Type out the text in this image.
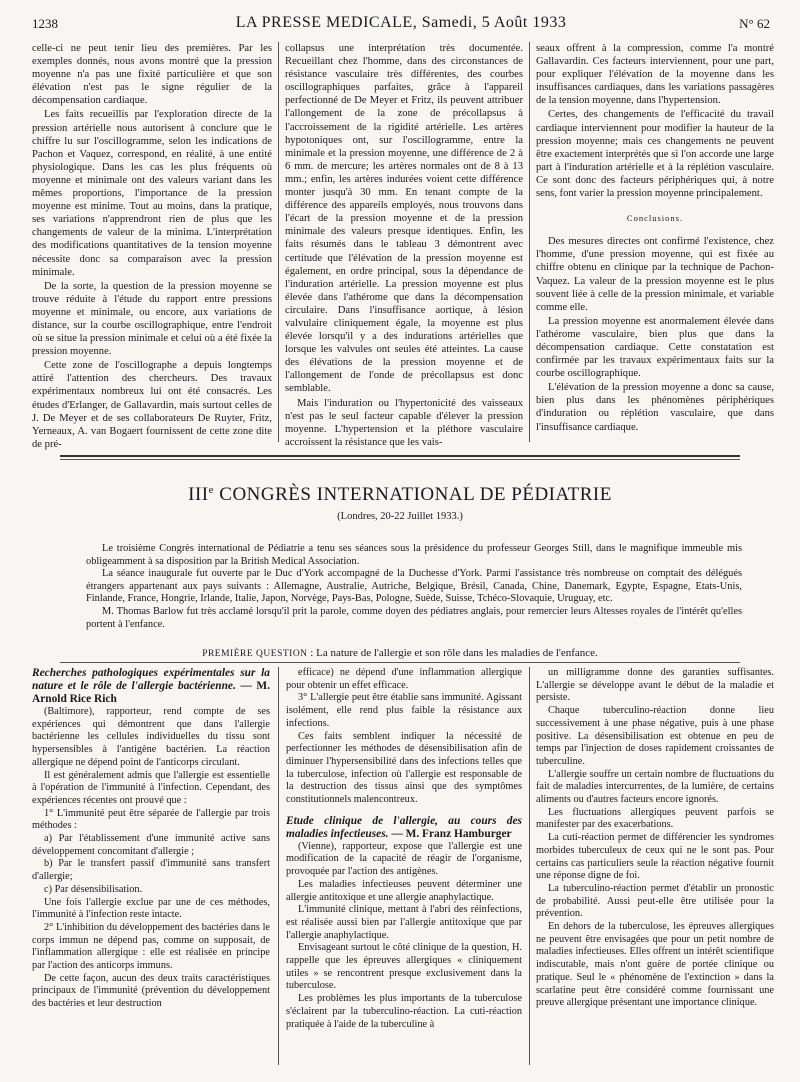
1238	LA PRESSE MEDICALE, Samedi, 5 Août 1933	N° 62

celle-ci ne peut tenir lieu des premières. Par les exemples donnés, nous avons montré que la pression moyenne n'a pas une fixité particulière et que son élévation n'est pas le signe régulier de la décompensation cardiaque.

Les faits recueillis par l'exploration directe de la pression artérielle nous autorisent à conclure que le chiffre lu sur l'oscillogramme, selon les indications de Pachon et Vaquez, correspond, en réalité, à une entité physiologique. Dans les cas les plus fréquents où moyenne et minimale ont des valeurs variant dans les mêmes proportions, l'importance de la pression moyenne est minime. Tout au moins, dans la pratique, ses variations n'apprendront rien de plus que les changements de valeur de la minima. L'interprétation des modifications quantitatives de la tension moyenne nécessite donc sa comparaison avec la pression minimale.

De la sorte, la question de la pression moyenne se trouve réduite à l'étude du rapport entre pressions moyenne et minimale, ou encore, aux variations de distance, sur la courbe oscillographique, entre l'endroit où se situe la pression minimale et celui où a été fixée la pression moyenne.

Cette zone de l'oscillographe a depuis longtemps attiré l'attention des chercheurs. Des travaux expérimentaux nombreux lui ont été consacrés. Les études d'Erlanger, de Gallavardin, mais surtout celles de J. De Meyer et de ses collaborateurs De Ruyter, Fritz, Yerneaux, A. van Bogaert fournissent de cette zone dite de pré-

collapsus une interprétation très documentée. Recueillant chez l'homme, dans des circonstances de résistance vasculaire très différentes, des courbes oscillographiques parfaites, grâce à l'appareil perfectionné de De Meyer et Fritz, ils peuvent attribuer l'allongement de la zone de précollapsus à l'accroissement de la rigidité artérielle. Les artères hypotoniques ont, sur l'oscillogramme, entre la minimale et la pression moyenne, une différence de 2 à 6 mm. de mercure; les artères normales ont de 8 à 13 mm.; enfin, les artères indurées voient cette différence monter jusqu'à 30 mm. En tenant compte de la différence des appareils employés, nous trouvons dans l'écart de la pression moyenne et de la pression minimale des valeurs presque identiques. Enfin, les faits résumés dans le tableau 3 démontrent avec certitude que l'élévation de la pression moyenne est également, en ordre principal, sous la dépendance de l'induration artérielle. La pression moyenne est plus élevée dans l'athérome que dans la décompensation circulaire. Dans l'insuffisance aortique, à lésion valvulaire cliniquement égale, la moyenne est plus élevée lorsqu'il y a des indurations artérielles que lorsque les valvules ont seules été atteintes. La cause des élévations de la pression moyenne et de l'allongement de l'onde de précollapsus est donc semblable.

Mais l'induration ou l'hypertonicité des vaisseaux n'est pas le seul facteur capable d'élever la pression moyenne. L'hypertension et la pléthore vasculaire accroissent la résistance que les vais-

seaux offrent à la compression, comme l'a montré Gallavardin. Ces facteurs interviennent, pour une part, pour expliquer l'élévation de la moyenne dans les insuffisances cardiaques, dans les variations passagères de la tension moyenne, dans l'hypertension.

Certes, des changements de l'efficacité du travail cardiaque interviennent pour modifier la hauteur de la pression moyenne; mais ces changements ne peuvent être exactement interprétés que si l'on accorde une large part à l'induration artérielle et à la réplétion vasculaire. Ce sont donc des facteurs périphériques qui, à notre sens, font varier la pression moyenne principalement.

Conclusions.

Des mesures directes ont confirmé l'existence, chez l'homme, d'une pression moyenne, qui est fixée au chiffre obtenu en clinique par la technique de Pachon-Vaquez. La valeur de la pression moyenne est le plus souvent liée à celle de la pression minimale, et variable comme elle.

La pression moyenne est anormalement élevée dans l'athérome vasculaire, bien plus que dans la décompensation cardiaque. Cette constatation est confirmée par les travaux expérimentaux faits sur la courbe oscillographique.

L'élévation de la pression moyenne a donc sa cause, bien plus dans les phénomènes périphériques d'induration ou réplétion vasculaire, que dans l'insuffisance cardiaque.

IIIe CONGRÈS INTERNATIONAL DE PÉDIATRIE
(Londres, 20-22 Juillet 1933.)

Le troisième Congrès international de Pédiatrie a tenu ses séances sous la présidence du professeur Georges Still, dans le magnifique immeuble mis obligeamment à sa disposition par la British Medical Association.

La séance inaugurale fut ouverte par le Duc d'York accompagné de la Duchesse d'York. Parmi l'assistance très nombreuse on comptait des délégués étrangers appartenant aux pays suivants : Allemagne, Australie, Autriche, Belgique, Brésil, Canada, Chine, Danemark, Egypte, Espagne, Etats-Unis, Finlande, France, Hongrie, Irlande, Italie, Japon, Norvège, Pays-Bas, Pologne, Suède, Suisse, Tchéco-Slovaquie, Uruguay, etc.

M. Thomas Barlow fut très acclamé lorsqu'il prit la parole, comme doyen des pédiatres anglais, pour remercier leurs Altesses royales de l'intérêt qu'elles portent à l'enfance.

PREMIÈRE QUESTION : La nature de l'allergie et son rôle dans les maladies de l'enfance.

Recherches pathologiques expérimentales sur la nature et le rôle de l'allergie bactérienne. — M. Arnold Rice Rich

(Baltimore), rapporteur, rend compte de ses expériences qui démontrent que dans l'allergie bactérienne les cellules individuelles du tissu sont hypersensibles à l'antigène bactérien. La réaction allergique ne dépend point de l'anticorps circulant.

Il est généralement admis que l'allergie est essentielle à l'opération de l'immunité à l'infection. Cependant, des expériences récentes ont prouvé que :

1° L'immunité peut être séparée de l'allergie par trois méthodes :

a) Par l'établissement d'une immunité active sans développement concomitant d'allergie ;

b) Par le transfert passif d'immunité sans transfert d'allergie;

c) Par désensibilisation.

Une fois l'allergie exclue par une de ces méthodes, l'immunité à l'infection reste intacte.

2° L'inhibition du développement des bactéries dans le corps immun ne dépend pas, comme on supposait, de l'inflammation allergique : elle est réalisée en principe par l'action des anticorps immuns.

De cette façon, aucun des deux traits caractéristiques principaux de l'immunité (prévention du développement des bactéries et leur destruction

efficace) ne dépend d'une inflammation allergique pour obtenir un effet efficace.

3° L'allergie peut être établie sans immunité. Agissant isolément, elle rend plus faible la résistance aux infections.

Ces faits semblent indiquer la nécessité de perfectionner les méthodes de désensibilisation afin de diminuer l'hypersensibilité dans des infections telles que la tuberculose, infection où l'allergie est responsable de la destruction des tissus ainsi que des symptômes constitutionnels malencontreux.

Etude clinique de l'allergie, au cours des maladies infectieuses. — M. Franz Hamburger

(Vienne), rapporteur, expose que l'allergie est une modification de la capacité de réagir de l'organisme, provoquée par l'action des antigènes.

Les maladies infectieuses peuvent déterminer une allergie antitoxique et une allergie anaphylactique.

L'immunité clinique, mettant à l'abri des réinfections, est réalisée aussi bien par l'allergie antitoxique que par l'allergie anaphylactique.

Envisageant surtout le côté clinique de la question, H. rappelle que les épreuves allergiques « cliniquement utiles » se rencontrent presque exclusivement dans la tuberculose.

Les problèmes les plus importants de la tuberculose s'éclairent par la tuberculino-réaction. La cuti-réaction pratiquée à l'aide de la tuberculine à

un milligramme donne des garanties suffisantes. L'allergie se développe avant le début de la maladie et persiste.

Chaque tuberculino-réaction donne lieu successivement à une phase négative, puis à une phase positive. La désensibilisation est obtenue en peu de temps par l'injection de doses rapidement croissantes de tuberculine.

L'allergie souffre un certain nombre de fluctuations du fait de maladies intercurrentes, de la lumière, de certains aliments ou d'autres facteurs encore ignorés.

Les fluctuations allergiques peuvent parfois se manifester par des exacerbations.

La cuti-réaction permet de différencier les syndromes morbides tuberculeux de ceux qui ne le sont pas. Pour certains cas particuliers seule la réaction négative fournit une réponse digne de foi.

La tuberculino-réaction permet d'établir un pronostic de probabilité. Aussi peut-elle être utilisée pour la prévention.

En dehors de la tuberculose, les épreuves allergiques ne peuvent être envisagées que pour un petit nombre de maladies infectieuses. Elles offrent un intérêt scientifique indiscutable, mais n'ont guère de portée clinique ou pratique. Seul le « phénomène de l'extinction » dans la scarlatine peut être considéré comme fournissant une preuve allergique présentant une importance clinique.
